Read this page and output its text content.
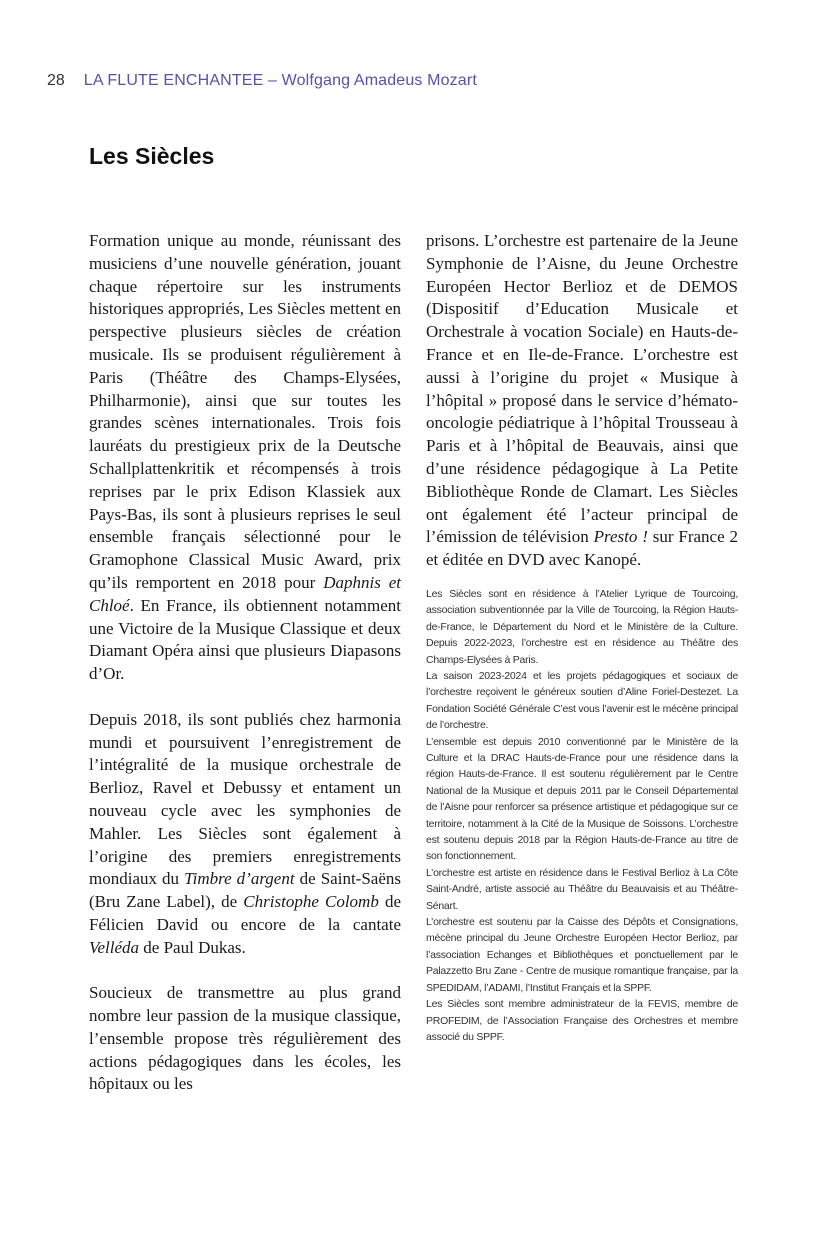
28 LA FLUTE ENCHANTEE – Wolfgang Amadeus Mozart
Les Siècles

Formation unique au monde, réunissant des musiciens d’une nouvelle génération, jouant chaque répertoire sur les instruments historiques appropriés, Les Siècles mettent en perspective plusieurs siècles de création musicale. Ils se produisent régulièrement à Paris (Théâtre des Champs-Elysées, Philharmonie), ainsi que sur toutes les grandes scènes internationales. Trois fois lauréats du prestigieux prix de la Deutsche Schallplattenkritik et récompensés à trois reprises par le prix Edison Klassiek aux Pays-Bas, ils sont à plusieurs reprises le seul ensemble français sélectionné pour le Gramophone Classical Music Award, prix qu’ils remportent en 2018 pour Daphnis et Chloé. En France, ils obtiennent notamment une Victoire de la Musique Classique et deux Diamant Opéra ainsi que plusieurs Diapasons d’Or.

Depuis 2018, ils sont publiés chez harmonia mundi et poursuivent l’enregistrement de l’intégralité de la musique orchestrale de Berlioz, Ravel et Debussy et entament un nouveau cycle avec les symphonies de Mahler. Les Siècles sont également à l’origine des premiers enregistrements mondiaux du Timbre d’argent de Saint-Saëns (Bru Zane Label), de Christophe Colomb de Félicien David ou encore de la cantate Velléda de Paul Dukas.

Soucieux de transmettre au plus grand nombre leur passion de la musique classique, l’ensemble propose très régulièrement des actions pédagogiques dans les écoles, les hôpitaux ou les

prisons. L’orchestre est partenaire de la Jeune Symphonie de l’Aisne, du Jeune Orchestre Européen Hector Berlioz et de DEMOS (Dispositif d’Education Musicale et Orchestrale à vocation Sociale) en Hauts-de-France et en Ile-de-France. L’orchestre est aussi à l’origine du projet « Musique à l’hôpital » proposé dans le service d’hémato-oncologie pédiatrique à l’hôpital Trousseau à Paris et à l’hôpital de Beauvais, ainsi que d’une résidence pédagogique à La Petite Bibliothèque Ronde de Clamart. Les Siècles ont également été l’acteur principal de l’émission de télévision Presto ! sur France 2 et éditée en DVD avec Kanopé.

Les Siècles sont en résidence à l’Atelier Lyrique de Tourcoing, association subventionnée par la Ville de Tourcoing, la Région Hauts-de-France, le Département du Nord et le Ministère de la Culture. Depuis 2022-2023, l’orchestre est en résidence au Théâtre des Champs-Elysées à Paris.

La saison 2023-2024 et les projets pédagogiques et sociaux de l’orchestre reçoivent le généreux soutien d’Aline Foriel-Destezet. La Fondation Société Générale C’est vous l’avenir est le mécène principal de l’orchestre.

L’ensemble est depuis 2010 conventionné par le Ministère de la Culture et la DRAC Hauts-de-France pour une résidence dans la région Hauts-de-France. Il est soutenu régulièrement par le Centre National de la Musique et depuis 2011 par le Conseil Départemental de l’Aisne pour renforcer sa présence artistique et pédagogique sur ce territoire, notamment à la Cité de la Musique de Soissons. L’orchestre est soutenu depuis 2018 par la Région Hauts-de-France au titre de son fonctionnement.

L’orchestre est artiste en résidence dans le Festival Berlioz à La Côte Saint-André, artiste associé au Théâtre du Beauvaisis et au Théâtre-Sénart.

L’orchestre est soutenu par la Caisse des Dépôts et Consignations, mécène principal du Jeune Orchestre Européen Hector Berlioz, par l’association Echanges et Bibliothèques et ponctuellement par le Palazzetto Bru Zane - Centre de musique romantique française, par la SPEDIDAM, l’ADAMI, l’Institut Français et la SPPF.

Les Siècles sont membre administrateur de la FEVIS, membre de PROFEDIM, de l’Association Française des Orchestres et membre associé du SPPF.
